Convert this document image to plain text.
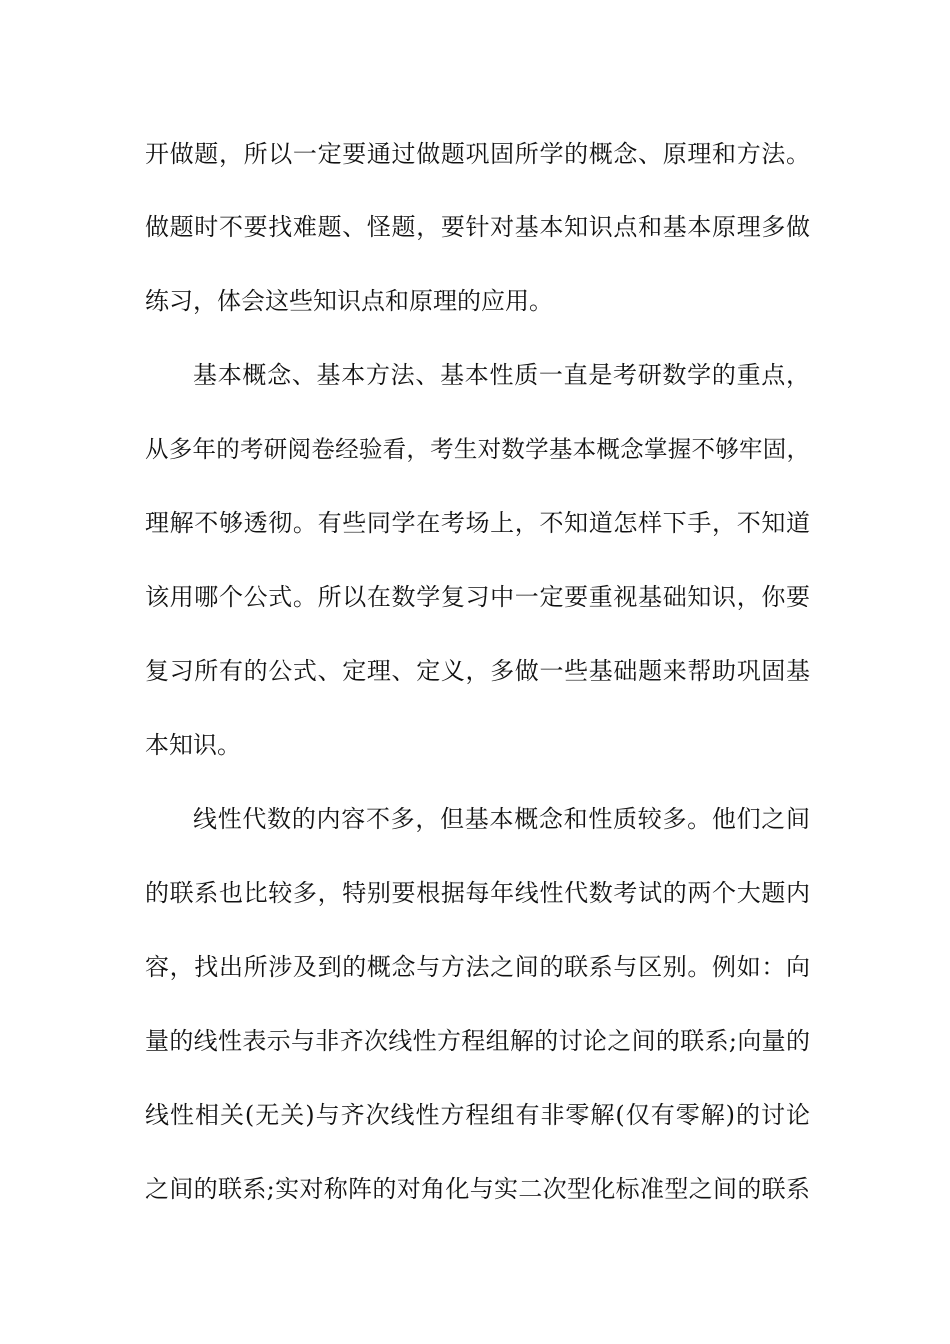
开做题，所以一定要通过做题巩固所学的概念、原理和方法。
做题时不要找难题、怪题，要针对基本知识点和基本原理多做
练习，体会这些知识点和原理的应用。
基本概念、基本方法、基本性质一直是考研数学的重点，
从多年的考研阅卷经验看，考生对数学基本概念掌握不够牢固，
理解不够透彻。有些同学在考场上，不知道怎样下手，不知道
该用哪个公式。所以在数学复习中一定要重视基础知识，你要
复习所有的公式、定理、定义，多做一些基础题来帮助巩固基
本知识。
线性代数的内容不多，但基本概念和性质较多。他们之间
的联系也比较多，特别要根据每年线性代数考试的两个大题内
容，找出所涉及到的概念与方法之间的联系与区别。例如：向
量的线性表示与非齐次线性方程组解的讨论之间的联系;向量的
线性相关(无关)与齐次线性方程组有非零解(仅有零解)的讨论
之间的联系;实对称阵的对角化与实二次型化标准型之间的联系
